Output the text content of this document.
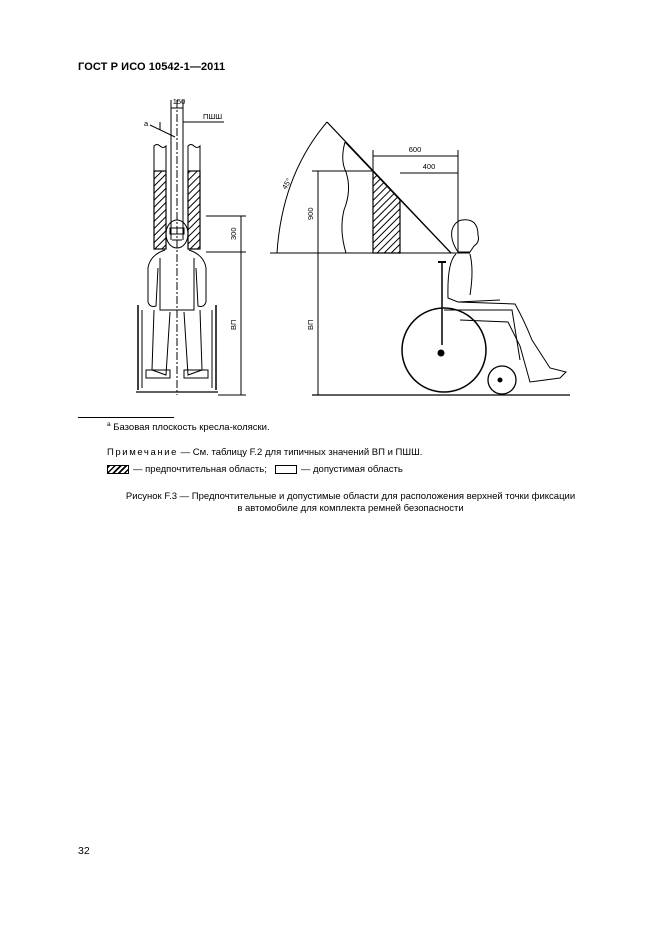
ГОСТ Р ИСО 10542-1—2011
150
a
ПШШ
300
ВП
45°
600
400
900
ВП
$^a$ Базовая плоскость кресла-коляски.
Примечание — См. таблицу F.2 для типичных значений ВП и ПШШ.
— предпочтительная область;	— допустимая область
Рисунок F.3 — Предпочтительные и допустимые области для расположения верхней точки фиксации
в автомобиле для комплекта ремней безопасности
32
